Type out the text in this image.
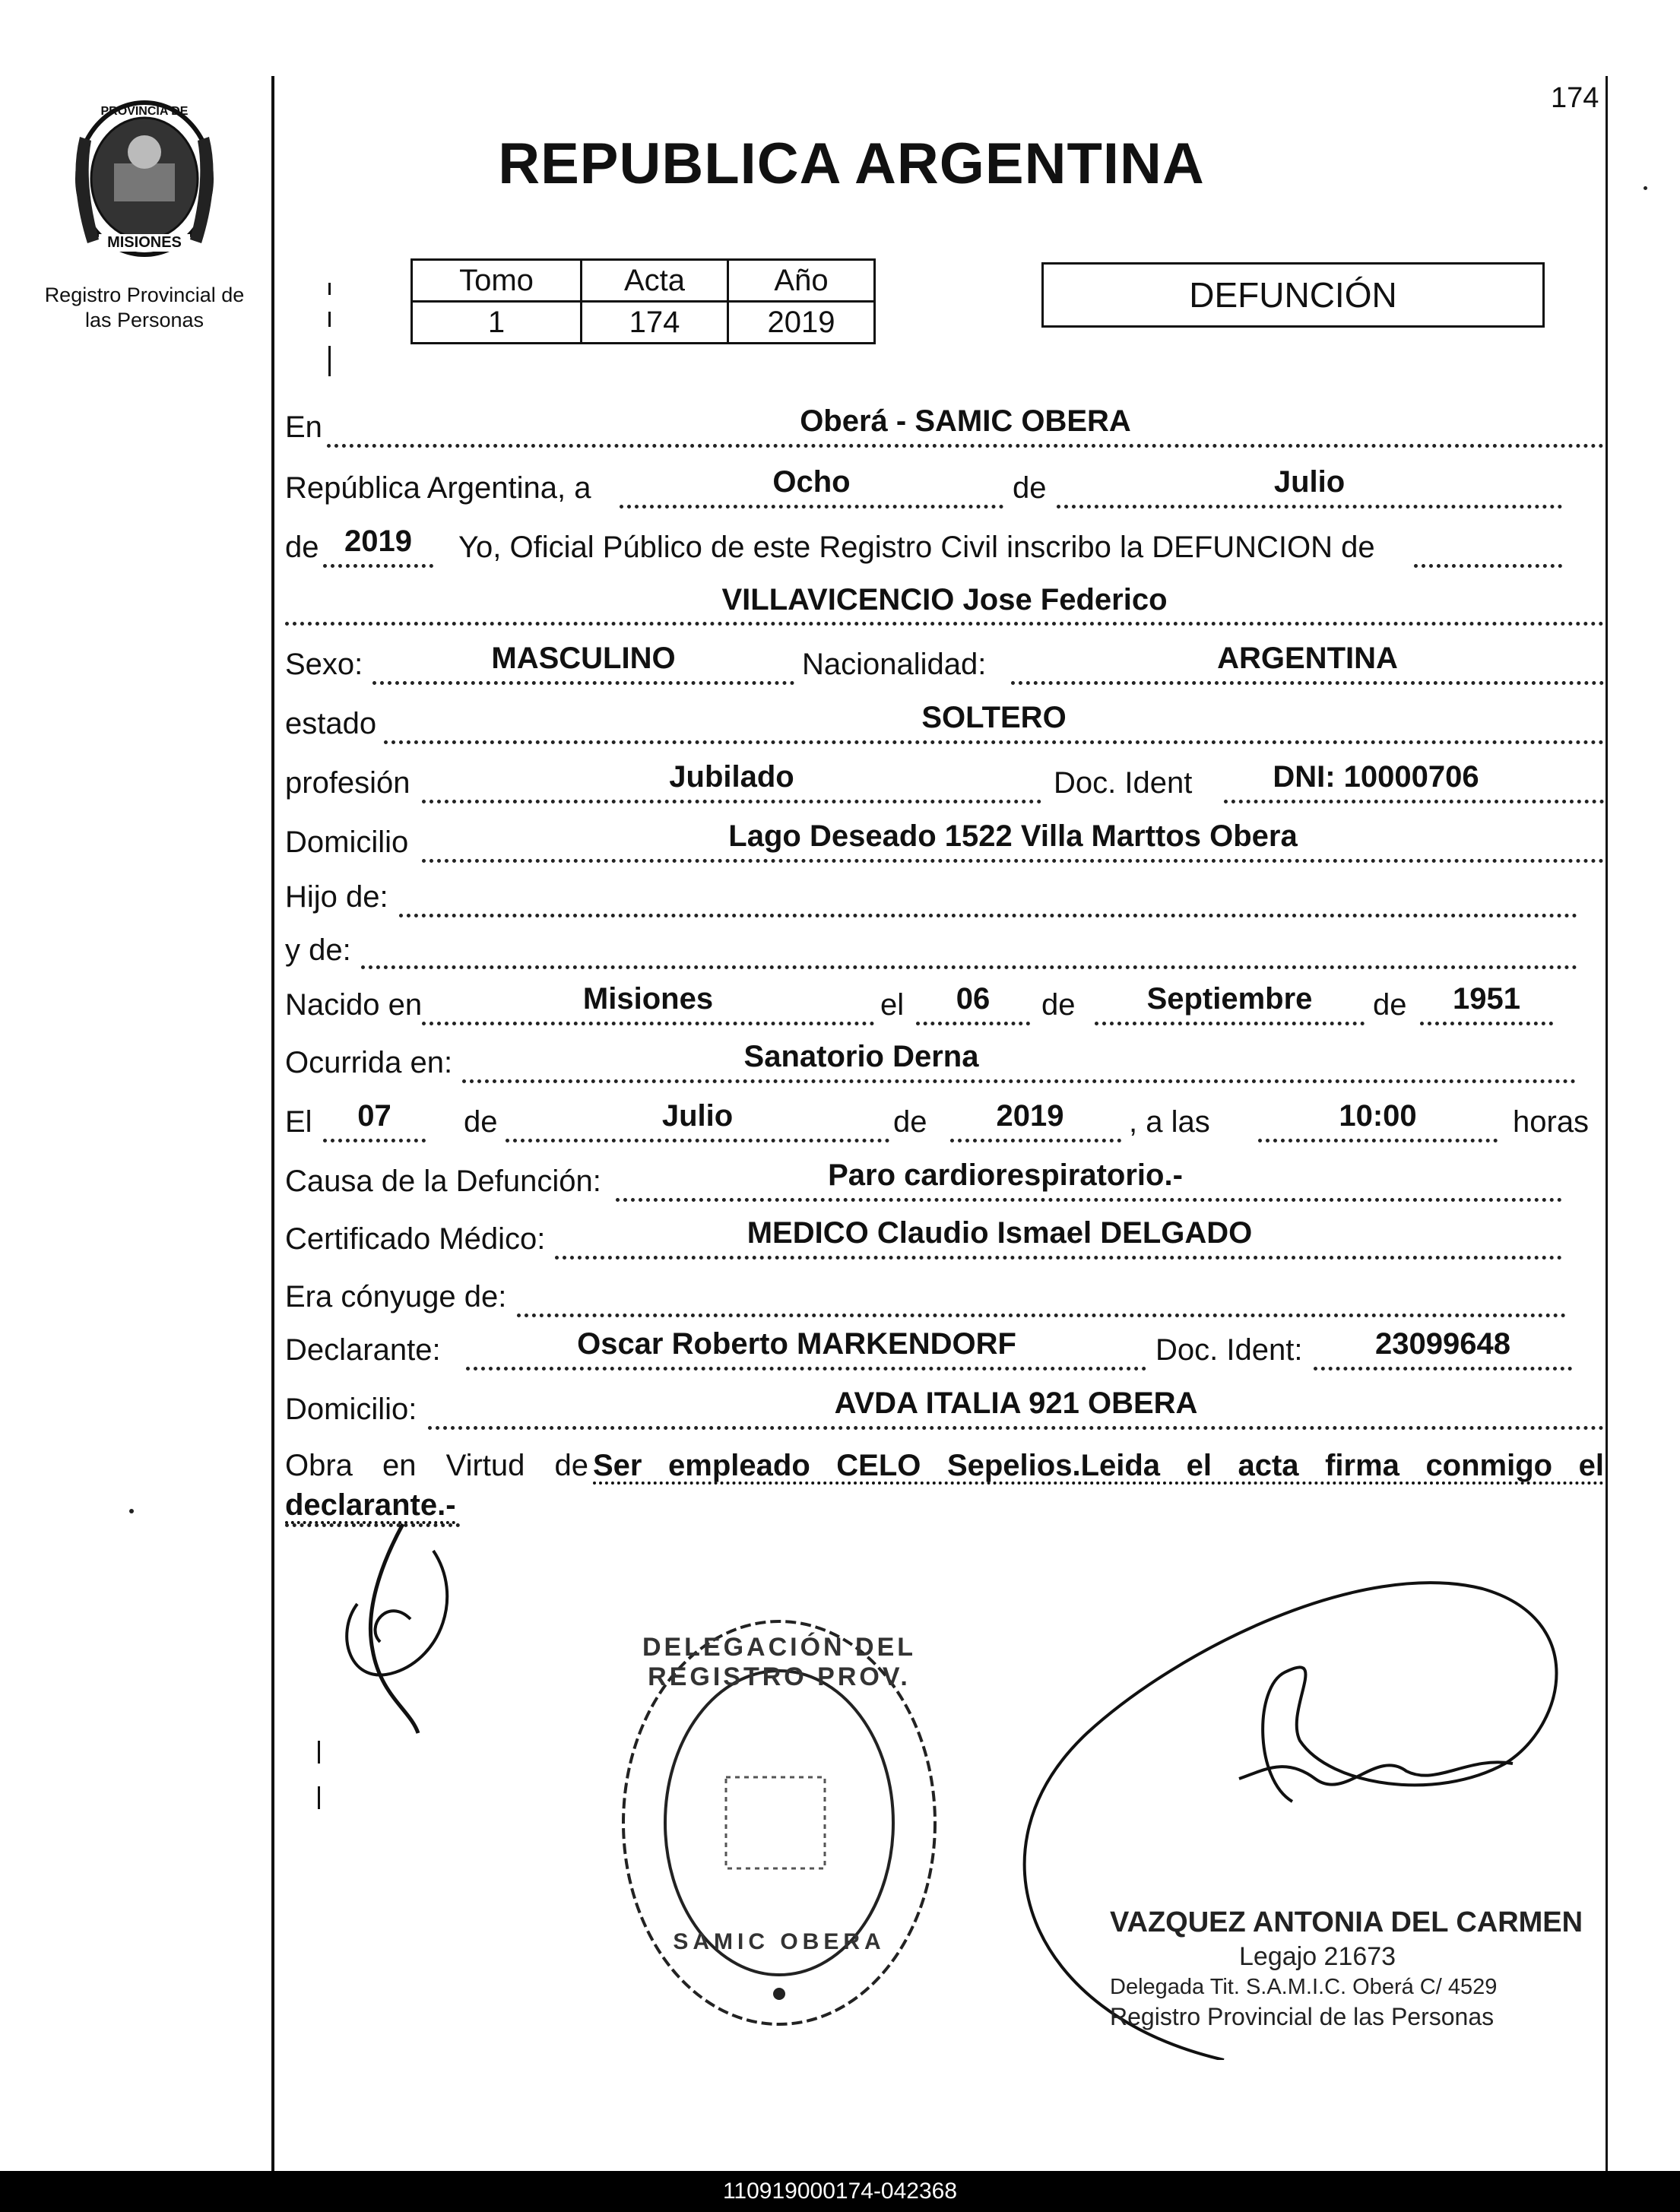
174
PROVINCIA DE
MISIONES
Registro Provincial de
las Personas
REPUBLICA ARGENTINA
Tomo	Acta	Año
1	174	2019
DEFUNCIÓN
En	Oberá - SAMIC OBERA
República Argentina, a	Ocho	de	Julio
de 2019	Yo, Oficial Público de este Registro Civil inscribo la DEFUNCION de
VILLAVICENCIO Jose Federico
Sexo:	MASCULINO	Nacionalidad:	ARGENTINA
estado	SOLTERO
profesión	Jubilado	Doc. Ident	DNI: 10000706
Domicilio	Lago Deseado 1522 Villa Marttos Obera
Hijo de:
y de:
Nacido en	Misiones	el	06	de	Septiembre	de	1951
Ocurrida en:	Sanatorio Derna
El	07	de	Julio	de	2019	, a las	10:00	horas
Causa de la Defunción:	Paro cardiorespiratorio.-
Certificado Médico:	MEDICO Claudio Ismael DELGADO
Era cónyuge de:
Declarante:	Oscar Roberto MARKENDORF	Doc. Ident:	23099648
Domicilio:	AVDA ITALIA 921 OBERA
Obra en Virtud de Ser empleado CELO Sepelios.Leida el acta firma conmigo el
declarante.-
DELEGACIÓN DEL REGISTRO PROV.
SAMIC OBERA
VAZQUEZ ANTONIA DEL CARMEN
Legajo 21673
Delegada Tit. S.A.M.I.C. Oberá C/ 4529
Registro Provincial de las Personas
110919000174-042368
